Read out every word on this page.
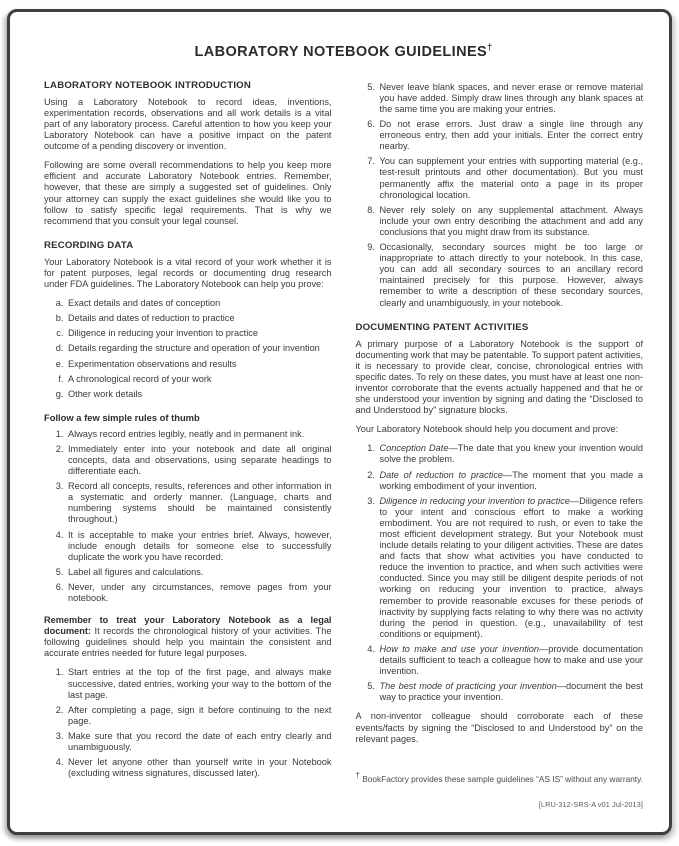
LABORATORY NOTEBOOK GUIDELINES†
LABORATORY NOTEBOOK INTRODUCTION

Using a Laboratory Notebook to record ideas, inventions, experimentation records, observations and all work details is a vital part of any laboratory process. Careful attention to how you keep your Laboratory Notebook can have a positive impact on the patent outcome of a pending discovery or invention.

Following are some overall recommendations to help you keep more efficient and accurate Laboratory Notebook entries. Remember, however, that these are simply a suggested set of guidelines. Only your attorney can supply the exact guidelines she would like you to follow to satisfy specific legal requirements. That is why we recommend that you consult your legal counsel.

RECORDING DATA

Your Laboratory Notebook is a vital record of your work whether it is for patent purposes, legal records or documenting drug research under FDA guidelines. The Laboratory Notebook can help you prove:

a. Exact details and dates of conception
b. Details and dates of reduction to practice
c. Diligence in reducing your invention to practice
d. Details regarding the structure and operation of your invention
e. Experimentation observations and results
f. A chronological record of your work
g. Other work details
Follow a few simple rules of thumb
1. Always record entries legibly, neatly and in permanent ink.
2. Immediately enter into your notebook and date all original concepts, data and observations, using separate headings to differentiate each.
3. Record all concepts, results, references and other information in a systematic and orderly manner. (Language, charts and numbering systems should be maintained consistently throughout.)
4. It is acceptable to make your entries brief. Always, however, include enough details for someone else to successfully duplicate the work you have recorded.
5. Label all figures and calculations.
6. Never, under any circumstances, remove pages from your notebook.

Remember to treat your Laboratory Notebook as a legal document: It records the chronological history of your activities. The following guidelines should help you maintain the consistent and accurate entries needed for future legal purposes.

1. Start entries at the top of the first page, and always make successive, dated entries, working your way to the bottom of the last page.
2. After completing a page, sign it before continuing to the next page.
3. Make sure that you record the date of each entry clearly and unambiguously.
4. Never let anyone other than yourself write in your Notebook (excluding witness signatures, discussed later).
5. Never leave blank spaces, and never erase or remove material you have added. Simply draw lines through any blank spaces at the same time you are making your entries.
6. Do not erase errors. Just draw a single line through any erroneous entry, then add your initials. Enter the correct entry nearby.
7. You can supplement your entries with supporting material (e.g., test-result printouts and other documentation). But you must permanently affix the material onto a page in its proper chronological location.
8. Never rely solely on any supplemental attachment. Always include your own entry describing the attachment and add any conclusions that you might draw from its substance.
9. Occasionally, secondary sources might be too large or inappropriate to attach directly to your notebook. In this case, you can add all secondary sources to an ancillary record maintained precisely for this purpose. However, always remember to write a description of these secondary sources, clearly and unambiguously, in your notebook.
DOCUMENTING PATENT ACTIVITIES

A primary purpose of a Laboratory Notebook is the support of documenting work that may be patentable. To support patent activities, it is necessary to provide clear, concise, chronological entries with specific dates. To rely on these dates, you must have at least one non-inventor corroborate that the events actually happened and that he or she understood your invention by signing and dating the “Disclosed to and Understood by” signature blocks.

Your Laboratory Notebook should help you document and prove:

1. Conception Date—The date that you knew your invention would solve the problem.
2. Date of reduction to practice—The moment that you made a working embodiment of your invention.
3. Diligence in reducing your invention to practice—Diligence refers to your intent and conscious effort to make a working embodiment. You are not required to rush, or even to take the most efficient development strategy. But your Notebook must include details relating to your diligent activities. These are dates and facts that show what activities you have conducted to reduce the invention to practice, and when such activities were conducted. Since you may still be diligent despite periods of not working on reducing your invention to practice, always remember to provide reasonable excuses for these periods of inactivity by supplying facts relating to why there was no activity during the period in question. (e.g., unavailability of test conditions or equipment).
4. How to make and use your invention—provide documentation details sufficient to teach a colleague how to make and use your invention.
5. The best mode of practicing your invention—document the best way to practice your invention.

A non-inventor colleague should corroborate each of these events/facts by signing the “Disclosed to and Understood by” on the relevant pages.

† BookFactory provides these sample guidelines “AS IS” without any warranty.

[LRU-312-SRS-A v01 Jul-2013]
